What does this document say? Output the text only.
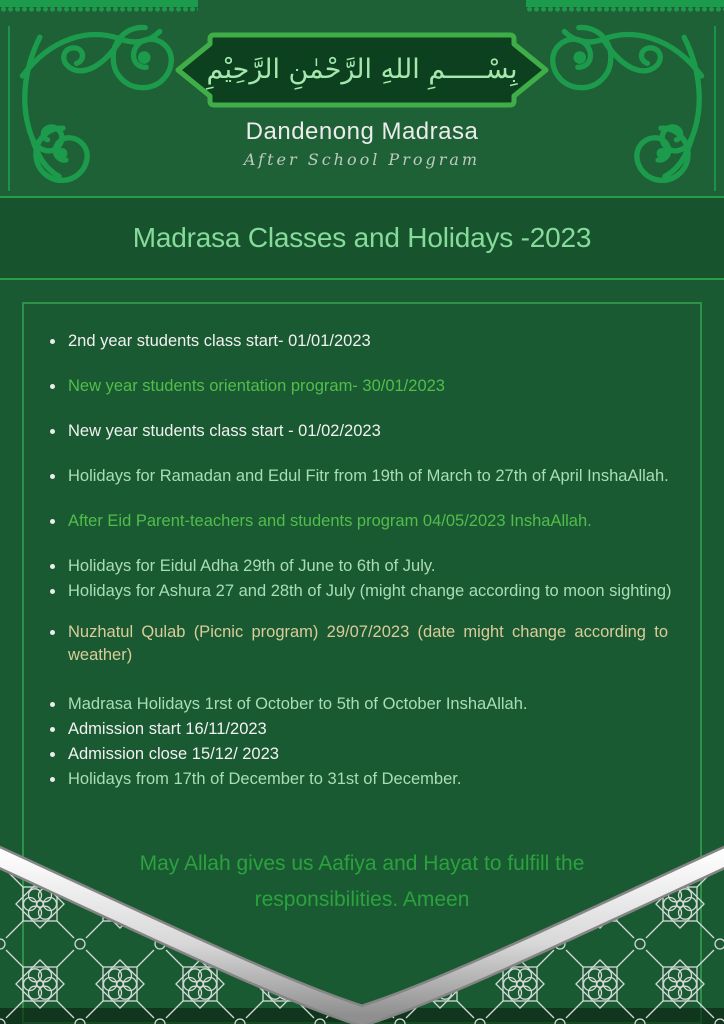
بِسْـــــمِ اللهِ الرَّحْمٰنِ الرَّحِيْمِ
Dandenong Madrasa
After School Program
Madrasa Classes and Holidays -2023
2nd year students class start- 01/01/2023
New year students orientation program- 30/01/2023
New year students class start - 01/02/2023
Holidays for Ramadan and Edul Fitr from 19th of March to 27th of April InshaAllah.
After Eid Parent-teachers and students program 04/05/2023 InshaAllah.
Holidays for Eidul Adha 29th of June to 6th of July.
Holidays for Ashura 27 and 28th of July (might change according to moon sighting)
Nuzhatul Qulab (Picnic program) 29/07/2023 (date might change according to weather)
Madrasa Holidays 1rst of October to 5th of October InshaAllah.
Admission start 16/11/2023
Admission close 15/12/ 2023
Holidays from 17th of December to 31st of December.
May Allah gives us Aafiya and Hayat to fulfill the
responsibilities. Ameen
